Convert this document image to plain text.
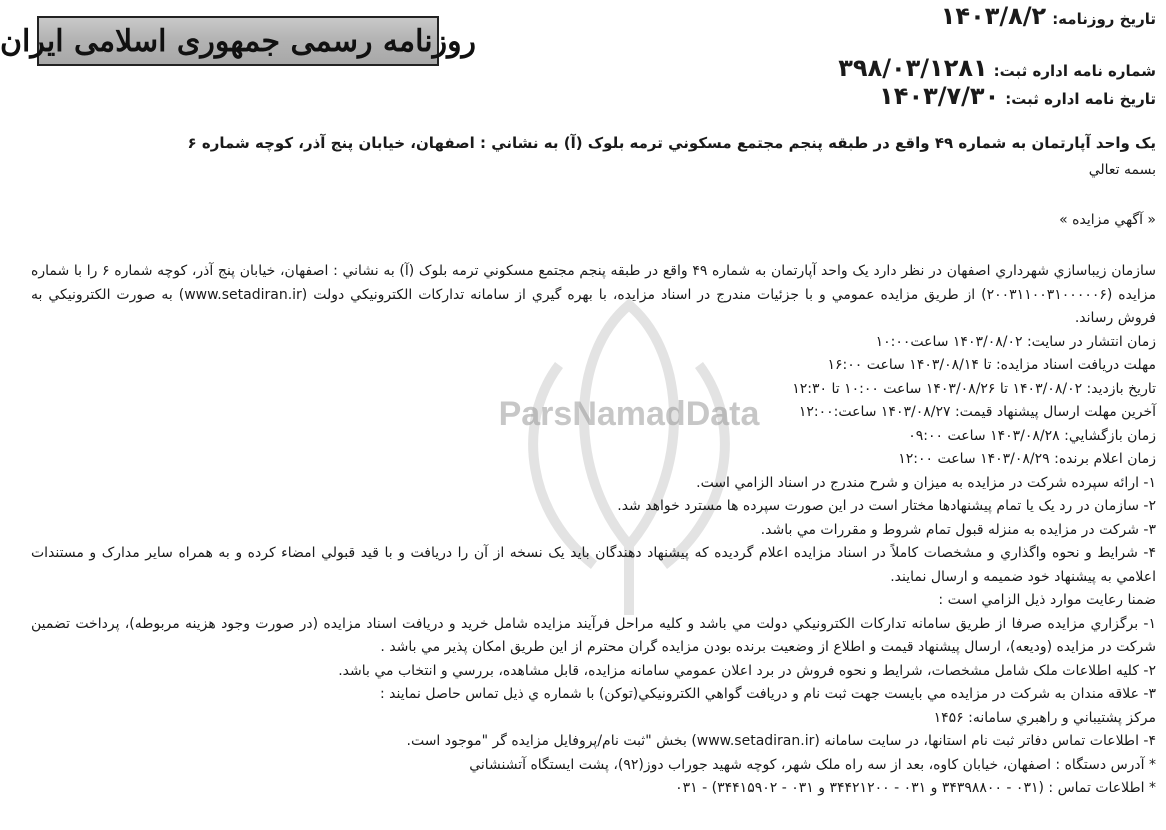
روزنامه رسمی جمهوری اسلامی ایران
تاریخ روزنامه:
۱۴۰۳/۸/۲
شماره نامه اداره ثبت:
۳۹۸/۰۳/۱۲۸۱
تاریخ نامه اداره ثبت:
۱۴۰۳/۷/۳۰
يک واحد آپارتمان به شماره ۴۹ واقع در طبقه پنجم مجتمع مسکوني ترمه بلوک (آ) به نشاني : اصفهان، خيابان پنج آذر، کوچه شماره ۶
بسمه تعالي
« آگهي مزايده »
ParsNamadData

سازمان زيباسازي شهرداري اصفهان در نظر دارد يک واحد آپارتمان به شماره ۴۹ واقع در طبقه پنجم مجتمع مسکوني ترمه بلوک (آ) به نشاني : اصفهان، خيابان پنج آذر، کوچه شماره ۶ را با شماره مزايده (۲۰۰۳۱۱۰۰۳۱۰۰۰۰۰۶) از طريق مزايده عمومي و با جزئيات مندرج در اسناد مزايده، با بهره گيري از سامانه تدارکات الکترونيکي دولت (www.setadiran.ir) به صورت الکترونيکي به فروش رساند.

زمان انتشار در سايت: ۱۴۰۳/۰۸/۰۲ ساعت۱۰:۰۰

مهلت دريافت اسناد مزايده: تا ۱۴۰۳/۰۸/۱۴ ساعت ۱۶:۰۰

تاريخ بازديد: ۱۴۰۳/۰۸/۰۲ تا ۱۴۰۳/۰۸/۲۶ ساعت ۱۰:۰۰ تا ۱۲:۳۰

آخرين مهلت ارسال پيشنهاد قيمت: ۱۴۰۳/۰۸/۲۷ ساعت:۱۲:۰۰

زمان بازگشايي: ۱۴۰۳/۰۸/۲۸ ساعت ۰۹:۰۰

زمان اعلام برنده: ۱۴۰۳/۰۸/۲۹ ساعت ۱۲:۰۰

۱- ارائه سپرده شرکت در مزايده به ميزان و شرح مندرج در اسناد الزامي است.

۲- سازمان در رد يک يا تمام پيشنهادها مختار است در اين صورت سپرده ها مسترد خواهد شد.

۳- شرکت در مزايده به منزله قبول تمام شروط و مقررات مي باشد.

۴- شرايط و نحوه واگذاري و مشخصات کاملاً در اسناد مزايده اعلام گرديده که پيشنهاد دهندگان بايد يک نسخه از آن را دريافت و با قيد قبولي امضاء کرده و به همراه ساير مدارک و مستندات اعلامي به پيشنهاد خود ضميمه و ارسال نمايند.

ضمنا رعايت موارد ذيل الزامي است :

۱- برگزاري مزايده صرفا از طريق سامانه تدارکات الکترونيکي دولت مي باشد و کليه مراحل فرآيند مزايده شامل خريد و دريافت اسناد مزايده (در صورت وجود هزينه مربوطه)، پرداخت تضمين شرکت در مزايده (وديعه)، ارسال پيشنهاد قيمت و اطلاع از وضعيت برنده بودن مزايده گران محترم از اين طريق امکان پذير مي باشد .

۲- کليه اطلاعات ملک شامل مشخصات، شرايط و نحوه فروش در برد اعلان عمومي سامانه مزايده، قابل مشاهده، بررسي و انتخاب مي باشد.

۳- علاقه مندان به شرکت در مزايده مي بايست جهت ثبت نام و دريافت گواهي الکترونيکي(توکن) با شماره ي ذيل تماس حاصل نمايند :

مرکز پشتيباني و راهبري سامانه: ۱۴۵۶

۴- اطلاعات تماس دفاتر ثبت نام استانها، در سايت سامانه (www.setadiran.ir) بخش "ثبت نام/پروفايل مزايده گر "موجود است.

* آدرس دستگاه : اصفهان، خيابان کاوه، بعد از سه راه ملک شهر، کوچه شهيد جوراب دوز(۹۲)، پشت ايستگاه آتشنشاني

* اطلاعات تماس : (۰۳۱ - ۳۴۳۹۸۸۰۰ و ۰۳۱ - ۳۴۴۲۱۲۰۰ و ۰۳۱ - ۳۴۴۱۵۹۰۲) - ۰۳۱
